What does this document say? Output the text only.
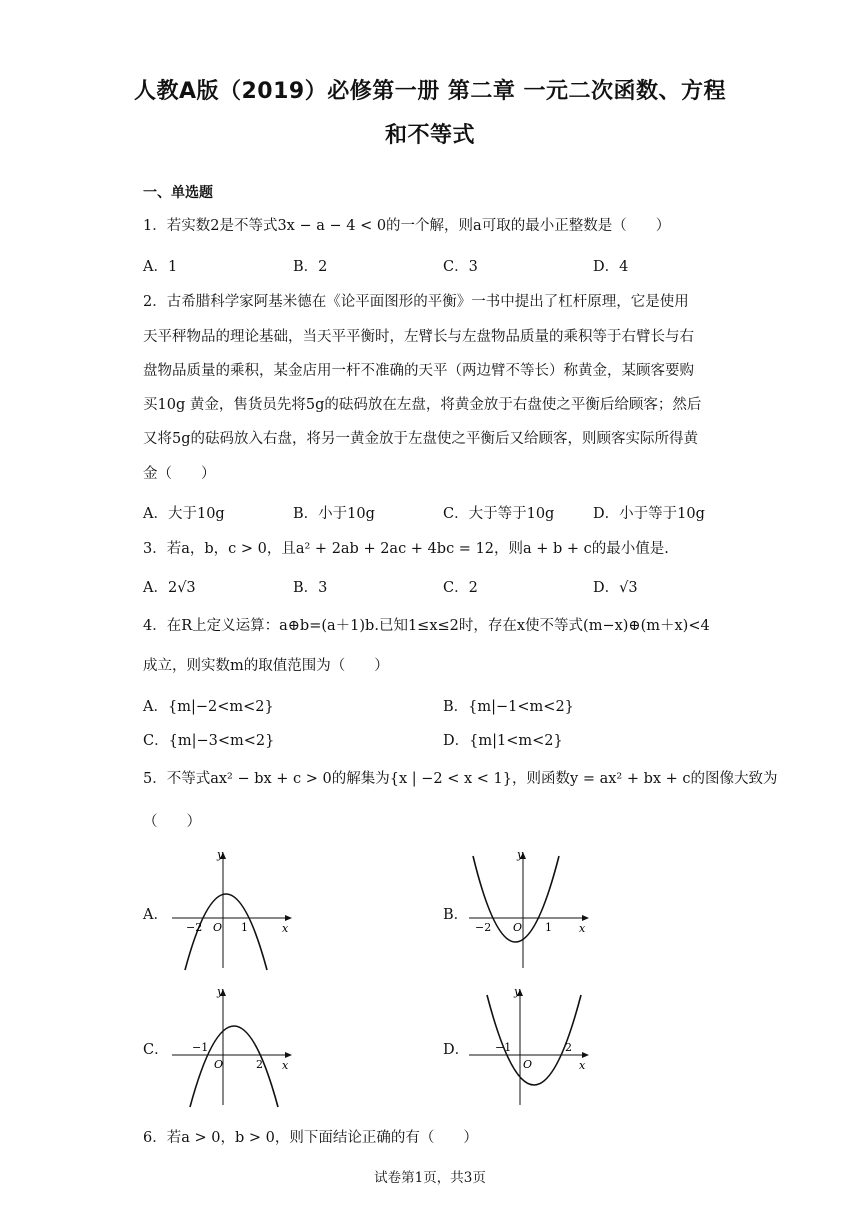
人教A版（2019）必修第一册 第二章 一元二次函数、方程
和不等式
一、单选题
1．若实数2是不等式3x − a − 4 < 0的一个解，则a可取的最小正整数是（　　）
A．1	B．2	C．3	D．4
2．古希腊科学家阿基米德在《论平面图形的平衡》一书中提出了杠杆原理，它是使用
天平秤物品的理论基础，当天平平衡时，左臂长与左盘物品质量的乘积等于右臂长与右
盘物品质量的乘积，某金店用一杆不准确的天平（两边臂不等长）称黄金，某顾客要购
买10g 黄金，售货员先将5g的砝码放在左盘，将黄金放于右盘使之平衡后给顾客；然后
又将5g的砝码放入右盘，将另一黄金放于左盘使之平衡后又给顾客，则顾客实际所得黄
金（　　）
A．大于10g	B．小于10g	C．大于等于10g	D．小于等于10g
3．若a，b，c > 0，且a² + 2ab + 2ac + 4bc = 12，则a + b + c的最小值是.
A．2√3	B．3	C．2	D．√3
4．在R上定义运算：a⊕b=(a＋1)b.已知1≤x≤2时，存在x使不等式(m−x)⊕(m＋x)<4
成立，则实数m的取值范围为（　　）
A．{m|−2<m<2}	B．{m|−1<m<2}
C．{m|−3<m<2}	D．{m|1<m<2}
5．不等式ax² − bx + c > 0的解集为{x | −2 < x < 1}，则函数y = ax² + bx + c的图像大致为
（　　）
A．	B．
C．	D．
y
x
O
−2	1
y
x
O
−2	1
y
x
O
−1
2
y
x
O
−1	2
6．若a > 0，b > 0，则下面结论正确的有（　　）
试卷第1页，共3页
